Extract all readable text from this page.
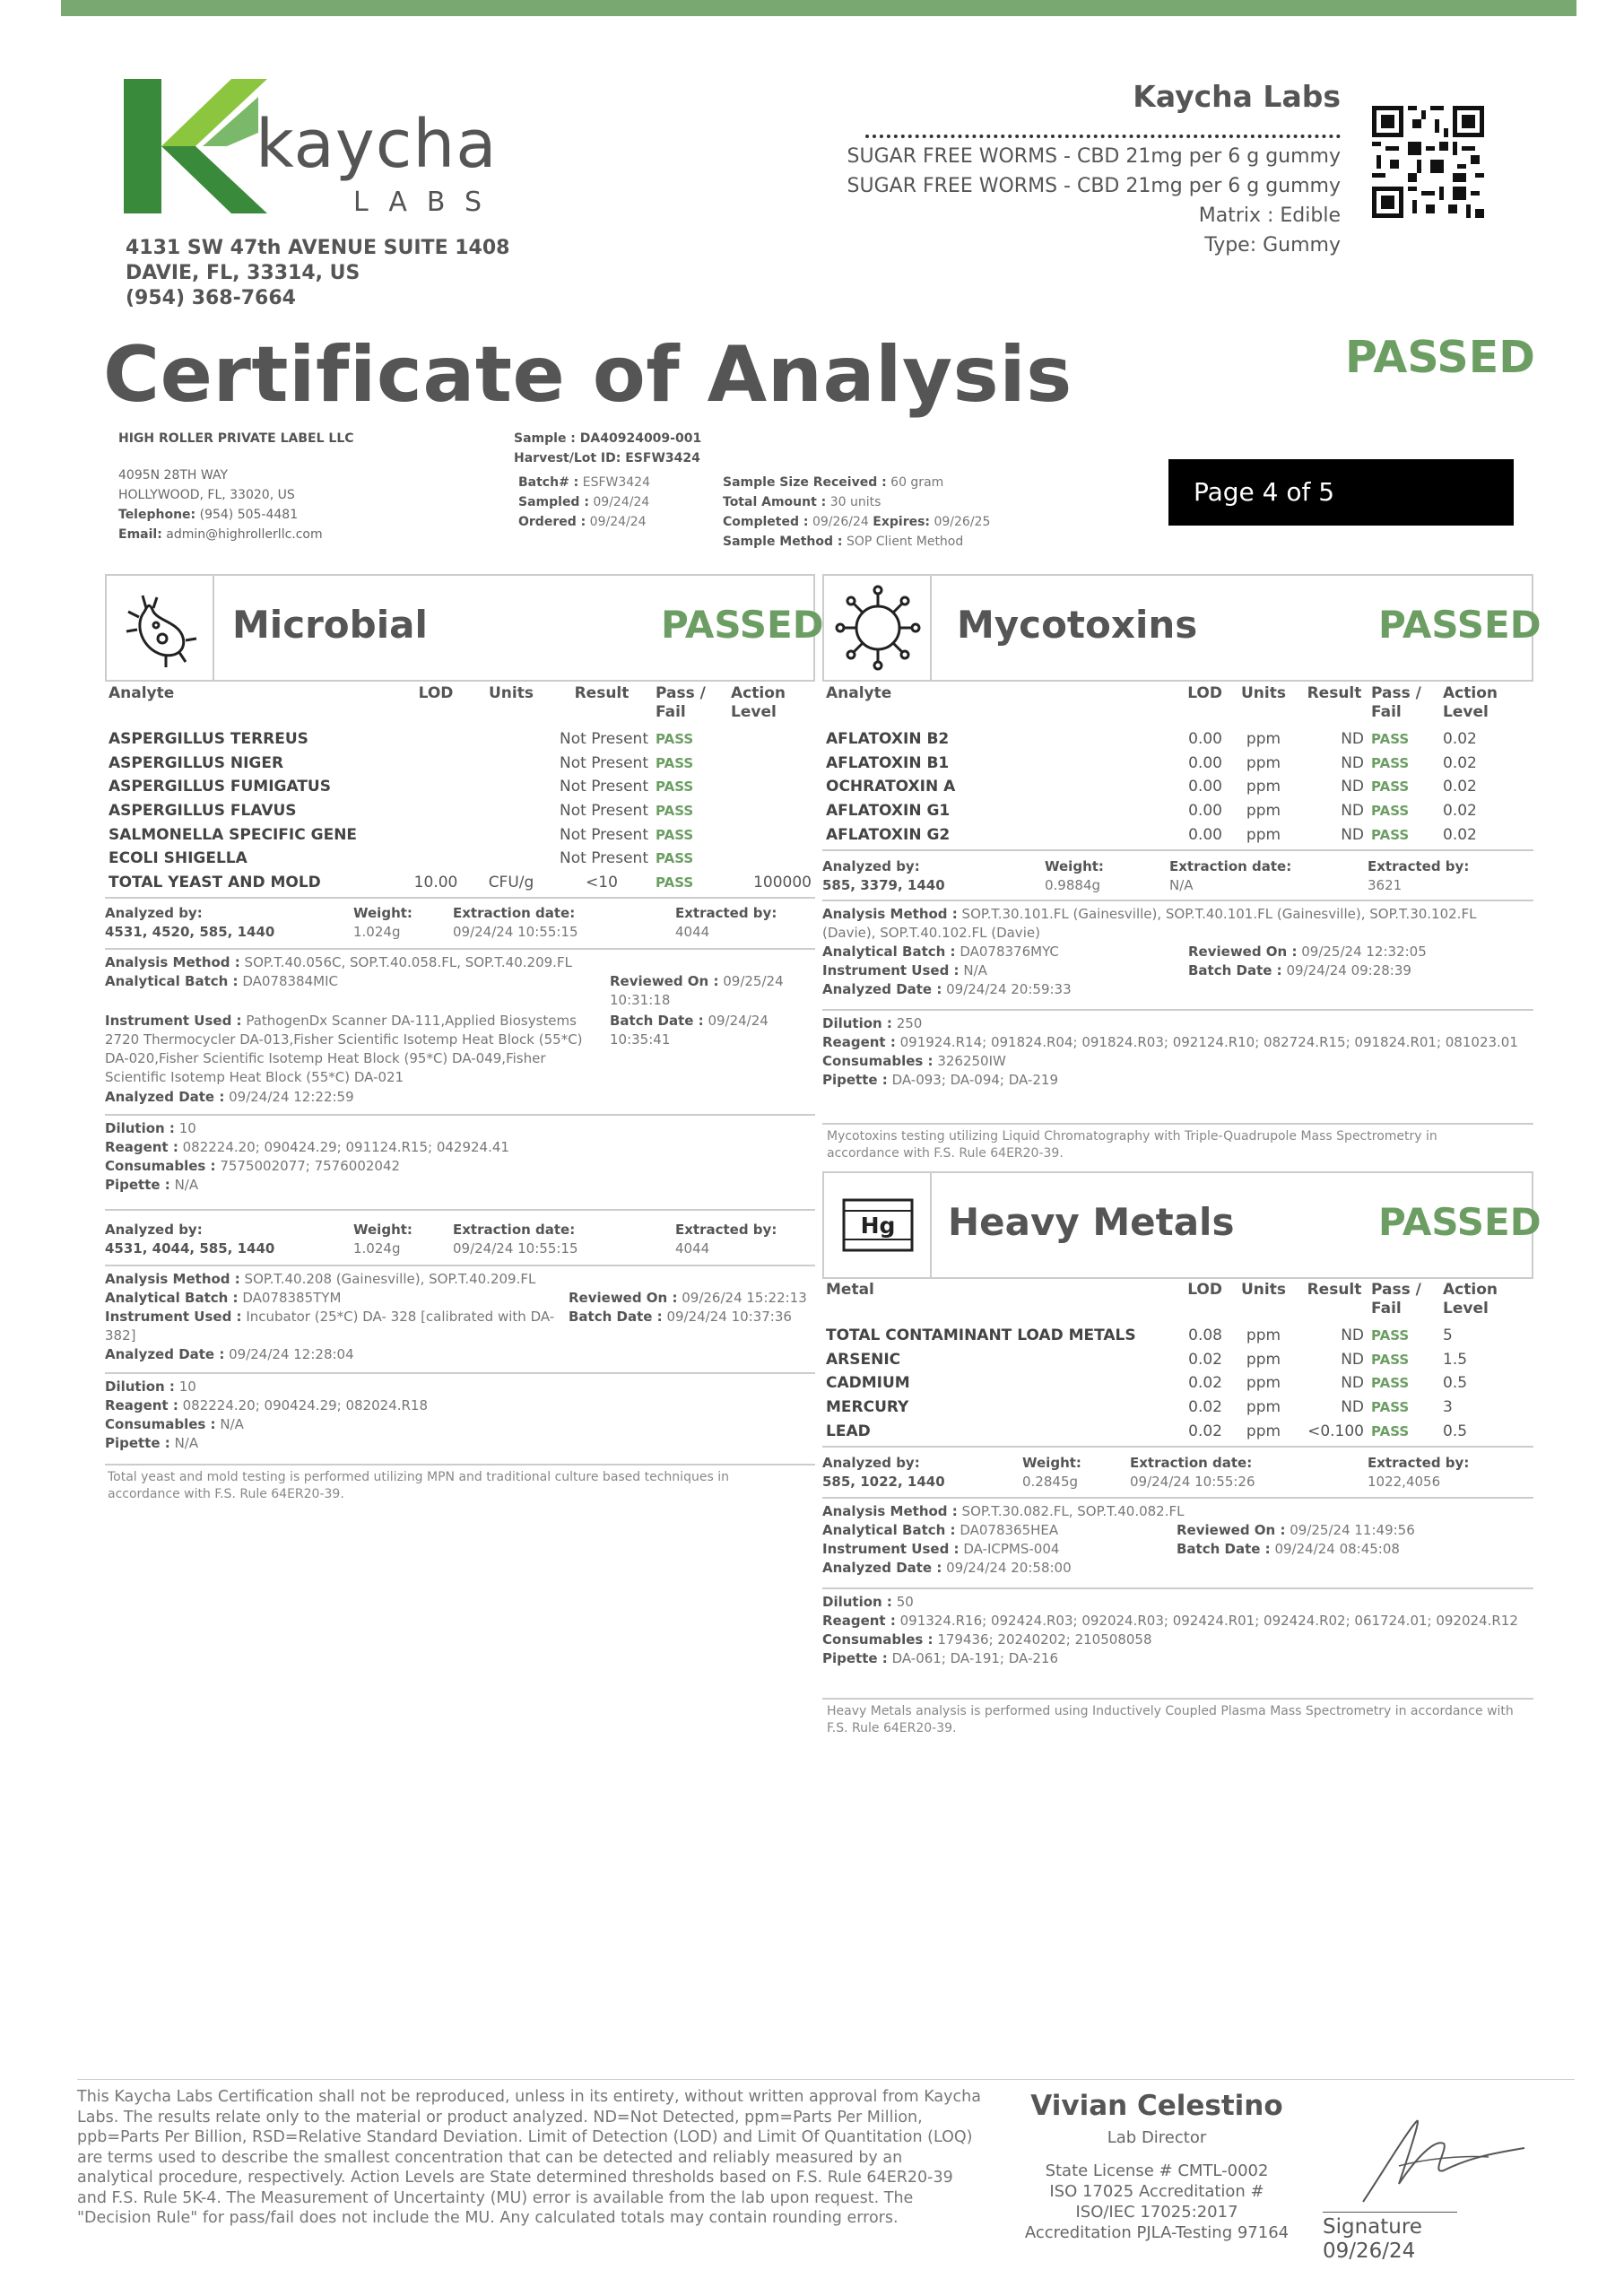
kaycha
LABS
4131 SW 47th AVENUE SUITE 1408
DAVIE, FL, 33314, US
(954) 368-7664
Kaycha Labs
SUGAR FREE WORMS - CBD 21mg per 6 g gummy
SUGAR FREE WORMS - CBD 21mg per 6 g gummy
Matrix : Edible
Type: Gummy
Certificate of Analysis	PASSED
HIGH ROLLER PRIVATE LABEL LLC
4095N 28TH WAY
HOLLYWOOD, FL, 33020, US
Telephone: (954) 505-4481
Email: admin@highrollerllc.com
Sample : DA40924009-001
Harvest/Lot ID: ESFW3424
Batch# : ESFW3424
Sampled : 09/24/24
Ordered : 09/24/24
Sample Size Received : 60 gram
Total Amount : 30 units
Completed : 09/26/24 Expires: 09/26/25
Sample Method : SOP Client Method
Page 4 of 5
Microbial	PASSED
Analyte	LOD	Units	Result	Pass / Fail	Action Level
ASPERGILLUS TERREUS			Not Present	PASS	
ASPERGILLUS NIGER			Not Present	PASS	
ASPERGILLUS FUMIGATUS			Not Present	PASS	
ASPERGILLUS FLAVUS			Not Present	PASS	
SALMONELLA SPECIFIC GENE			Not Present	PASS	
ECOLI SHIGELLA			Not Present	PASS	
TOTAL YEAST AND MOLD	10.00	CFU/g	<10	PASS	100000
Analyzed by:
4531, 4520, 585, 1440
Weight:
1.024g
Extraction date:
09/24/24 10:55:15
Extracted by:
4044
Analysis Method : SOP.T.40.056C, SOP.T.40.058.FL, SOP.T.40.209.FL
Analytical Batch : DA078384MIC	Reviewed On : 09/25/24 10:31:18
Instrument Used : PathogenDx Scanner DA-111,Applied Biosystems 2720 Thermocycler DA-013,Fisher Scientific Isotemp Heat Block (55*C) DA-020,Fisher Scientific Isotemp Heat Block (95*C) DA-049,Fisher Scientific Isotemp Heat Block (55*C) DA-021
Batch Date : 09/24/24 10:35:41
Analyzed Date : 09/24/24 12:22:59
Dilution : 10
Reagent : 082224.20; 090424.29; 091124.R15; 042924.41
Consumables : 7575002077; 7576002042
Pipette : N/A
Analyzed by:
4531, 4044, 585, 1440
Weight:
1.024g
Extraction date:
09/24/24 10:55:15
Extracted by:
4044
Analysis Method : SOP.T.40.208 (Gainesville), SOP.T.40.209.FL
Analytical Batch : DA078385TYM	Reviewed On : 09/26/24 15:22:13
Instrument Used : Incubator (25*C) DA- 328 [calibrated with DA-382]
Batch Date : 09/24/24 10:37:36
Analyzed Date : 09/24/24 12:28:04
Dilution : 10
Reagent : 082224.20; 090424.29; 082024.R18
Consumables : N/A
Pipette : N/A
Total yeast and mold testing is performed utilizing MPN and traditional culture based techniques in accordance with F.S. Rule 64ER20-39.
Mycotoxins	PASSED
Analyte	LOD	Units	Result	Pass / Fail	Action Level
AFLATOXIN B2	0.00	ppm	ND	PASS	0.02
AFLATOXIN B1	0.00	ppm	ND	PASS	0.02
OCHRATOXIN A	0.00	ppm	ND	PASS	0.02
AFLATOXIN G1	0.00	ppm	ND	PASS	0.02
AFLATOXIN G2	0.00	ppm	ND	PASS	0.02
Analyzed by:
585, 3379, 1440
Weight:
0.9884g
Extraction date:
N/A
Extracted by:
3621
Analysis Method : SOP.T.30.101.FL (Gainesville), SOP.T.40.101.FL (Gainesville), SOP.T.30.102.FL (Davie), SOP.T.40.102.FL (Davie)
Analytical Batch : DA078376MYC	Reviewed On : 09/25/24 12:32:05
Instrument Used : N/A	Batch Date : 09/24/24 09:28:39
Analyzed Date : 09/24/24 20:59:33
Dilution : 250
Reagent : 091924.R14; 091824.R04; 091824.R03; 092124.R10; 082724.R15; 091824.R01; 081023.01
Consumables : 326250IW
Pipette : DA-093; DA-094; DA-219
Mycotoxins testing utilizing Liquid Chromatography with Triple-Quadrupole Mass Spectrometry in accordance with F.S. Rule 64ER20-39.
Hg	Heavy Metals	PASSED
Metal	LOD	Units	Result	Pass / Fail	Action Level
TOTAL CONTAMINANT LOAD METALS	0.08	ppm	ND	PASS	5
ARSENIC	0.02	ppm	ND	PASS	1.5
CADMIUM	0.02	ppm	ND	PASS	0.5
MERCURY	0.02	ppm	ND	PASS	3
LEAD	0.02	ppm	<0.100	PASS	0.5
Analyzed by:
585, 1022, 1440
Weight:
0.2845g
Extraction date:
09/24/24 10:55:26
Extracted by:
1022,4056
Analysis Method : SOP.T.30.082.FL, SOP.T.40.082.FL
Analytical Batch : DA078365HEA	Reviewed On : 09/25/24 11:49:56
Instrument Used : DA-ICPMS-004	Batch Date : 09/24/24 08:45:08
Analyzed Date : 09/24/24 20:58:00
Dilution : 50
Reagent : 091324.R16; 092424.R03; 092024.R03; 092424.R01; 092424.R02; 061724.01; 092024.R12
Consumables : 179436; 20240202; 210508058
Pipette : DA-061; DA-191; DA-216
Heavy Metals analysis is performed using Inductively Coupled Plasma Mass Spectrometry in accordance with F.S. Rule 64ER20-39.
This Kaycha Labs Certification shall not be reproduced, unless in its entirety, without written approval from Kaycha Labs. The results relate only to the material or product analyzed. ND=Not Detected, ppm=Parts Per Million, ppb=Parts Per Billion, RSD=Relative Standard Deviation. Limit of Detection (LOD) and Limit Of Quantitation (LOQ) are terms used to describe the smallest concentration that can be detected and reliably measured by an analytical procedure, respectively. Action Levels are State determined thresholds based on F.S. Rule 64ER20-39 and F.S. Rule 5K-4. The Measurement of Uncertainty (MU) error is available from the lab upon request. The "Decision Rule" for pass/fail does not include the MU. Any calculated totals may contain rounding errors.
Vivian Celestino
Lab Director
State License # CMTL-0002
ISO 17025 Accreditation # ISO/IEC 17025:2017 Accreditation PJLA-Testing 97164	Signature
09/26/24
